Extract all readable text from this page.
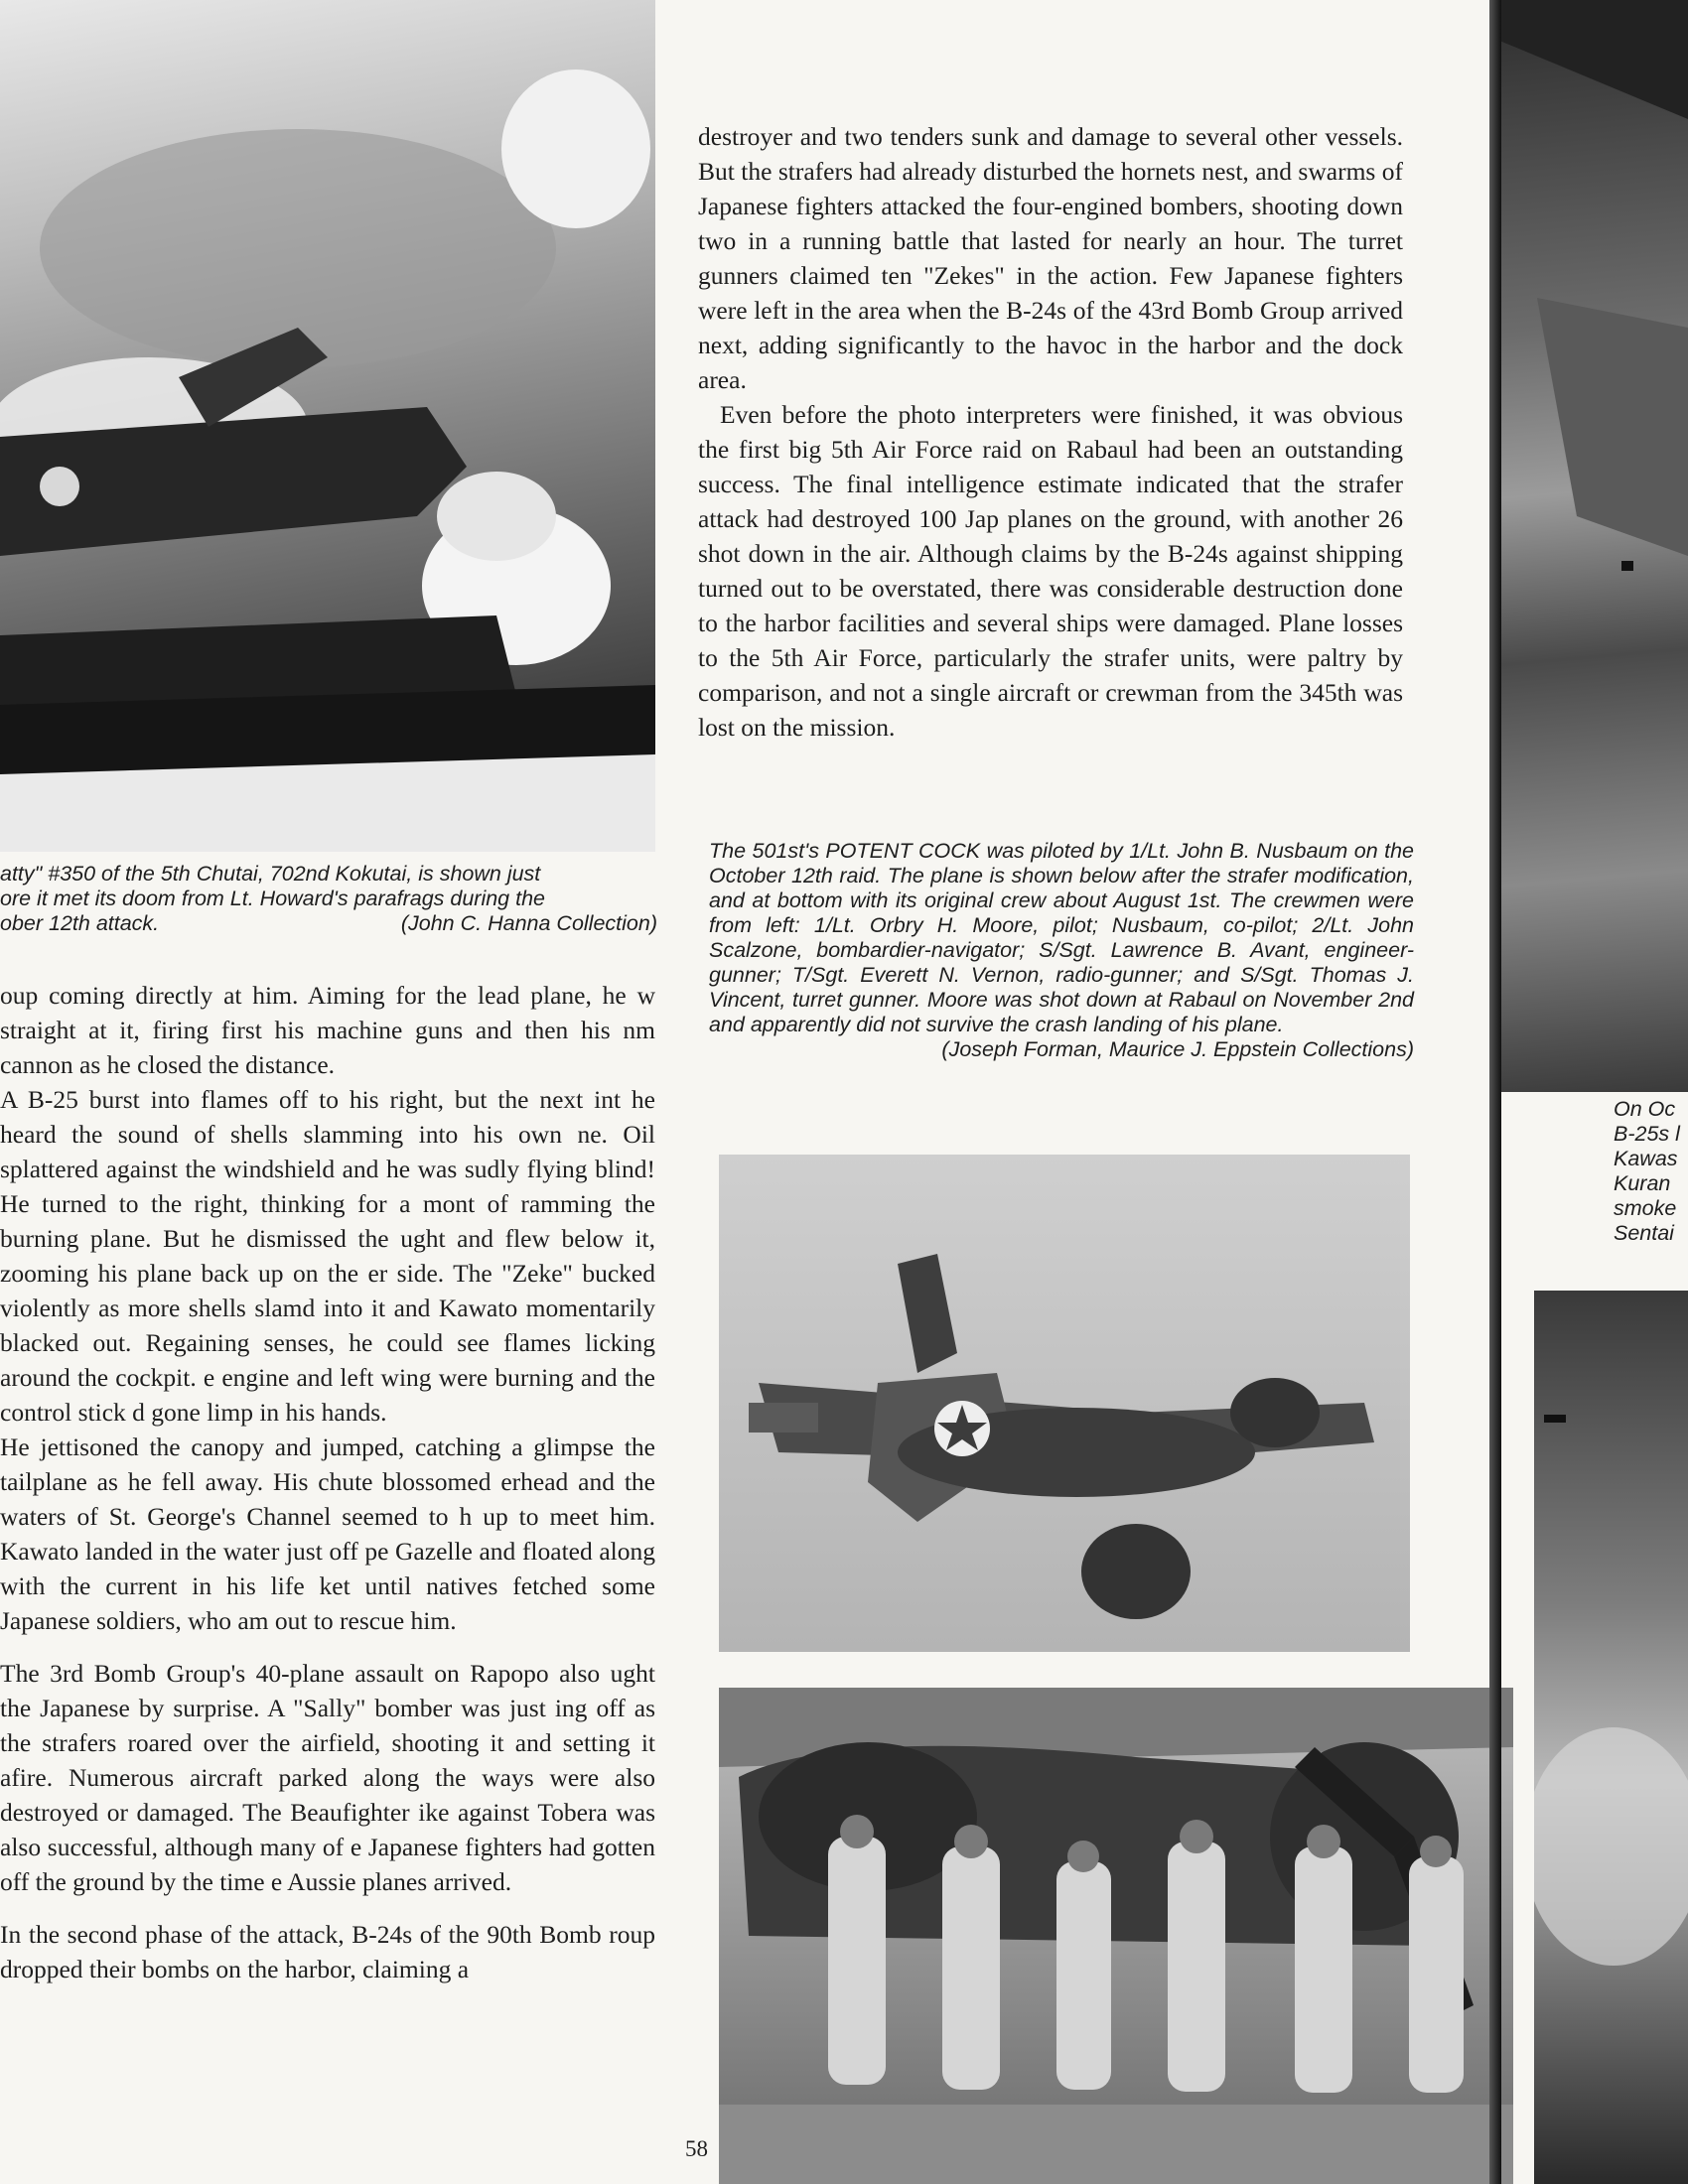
atty" #350 of the 5th Chutai, 702nd Kokutai, is shown just
ore it met its doom from Lt. Howard's parafrags during the
ober 12th attack.	(John C. Hanna Collection)

oup coming directly at him. Aiming for the lead plane, he w straight at it, firing first his machine guns and then his nm cannon as he closed the distance.

A B-25 burst into flames off to his right, but the next int he heard the sound of shells slamming into his own ne. Oil splattered against the windshield and he was sudly flying blind! He turned to the right, thinking for a mont of ramming the burning plane. But he dismissed the ught and flew below it, zooming his plane back up on the er side. The "Zeke" bucked violently as more shells slamd into it and Kawato momentarily blacked out. Regaining senses, he could see flames licking around the cockpit. e engine and left wing were burning and the control stick d gone limp in his hands.

He jettisoned the canopy and jumped, catching a glimpse the tailplane as he fell away. His chute blossomed erhead and the waters of St. George's Channel seemed to h up to meet him. Kawato landed in the water just off pe Gazelle and floated along with the current in his life ket until natives fetched some Japanese soldiers, who am out to rescue him.

The 3rd Bomb Group's 40-plane assault on Rapopo also ught the Japanese by surprise. A "Sally" bomber was just ing off as the strafers roared over the airfield, shooting it and setting it afire. Numerous aircraft parked along the ways were also destroyed or damaged. The Beaufighter ike against Tobera was also successful, although many of e Japanese fighters had gotten off the ground by the time e Aussie planes arrived.

In the second phase of the attack, B-24s of the 90th Bomb roup dropped their bombs on the harbor, claiming a

destroyer and two tenders sunk and damage to several other vessels. But the strafers had already disturbed the hornets nest, and swarms of Japanese fighters attacked the four-engined bombers, shooting down two in a running battle that lasted for nearly an hour. The turret gunners claimed ten "Zekes" in the action. Few Japanese fighters were left in the area when the B-24s of the 43rd Bomb Group arrived next, adding significantly to the havoc in the harbor and the dock area.

Even before the photo interpreters were finished, it was obvious the first big 5th Air Force raid on Rabaul had been an outstanding success. The final intelligence estimate indicated that the strafer attack had destroyed 100 Jap planes on the ground, with another 26 shot down in the air. Although claims by the B-24s against shipping turned out to be overstated, there was considerable destruction done to the harbor facilities and several ships were damaged. Plane losses to the 5th Air Force, particularly the strafer units, were paltry by comparison, and not a single aircraft or crewman from the 345th was lost on the mission.

The 501st's POTENT COCK was piloted by 1/Lt. John B. Nusbaum on the October 12th raid. The plane is shown below after the strafer modification, and at bottom with its original crew about August 1st. The crewmen were from left: 1/Lt. Orbry H. Moore, pilot; Nusbaum, co-pilot; 2/Lt. John Scalzone, bombardier-navigator; S/Sgt. Lawrence B. Avant, engineer-gunner; T/Sgt. Everett N. Vernon, radio-gunner; and S/Sgt. Thomas J. Vincent, turret gunner. Moore was shot down at Rabaul on November 2nd and apparently did not survive the crash landing of his plane.
(Joseph Forman, Maurice J. Eppstein Collections)
58
On Oc
B-25s l
Kawas
Kuran
smoke
Sentai
